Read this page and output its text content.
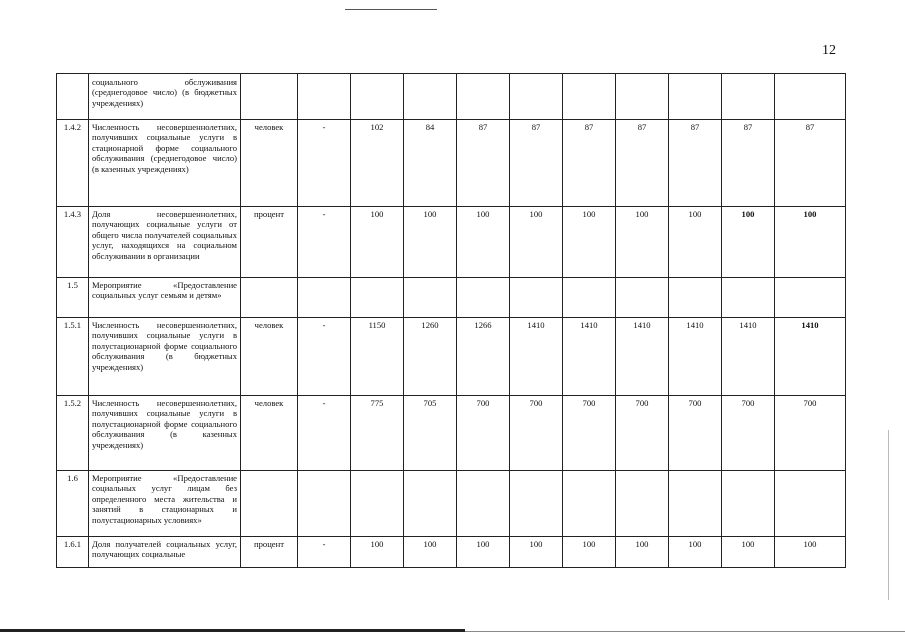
12
	социального обслуживания (среднегодовое число) (в бюджетных учреждениях)											
1.4.2	Численность несовершеннолетних, получивших социальные услуги в стационарной форме социального обслуживания (среднегодовое число) (в казенных учреждениях)	человек	-	102	84	87	87	87	87	87	87	87
1.4.3	Доля несовершеннолетних, получающих социальные услуги от общего числа получателей социальных услуг, находящихся на социальном обслуживании в организации	процент	-	100	100	100	100	100	100	100	100	100
1.5	Мероприятие «Предоставление социальных услуг семьям и детям»											
1.5.1	Численность несовершеннолетних, получивших социальные услуги в полустационарной форме социального обслуживания (в бюджетных учреждениях)	человек	-	1150	1260	1266	1410	1410	1410	1410	1410	1410
1.5.2	Численность несовершеннолетних, получивших социальные услуги в полустационарной форме социального обслуживания (в казенных учреждениях)	человек	-	775	705	700	700	700	700	700	700	700
1.6	Мероприятие «Предоставление социальных услуг лицам без определенного места жительства и занятий в стационарных и полустационарных условиях»											
1.6.1	Доля получателей социальных услуг, получающих социальные	процент	-	100	100	100	100	100	100	100	100	100
